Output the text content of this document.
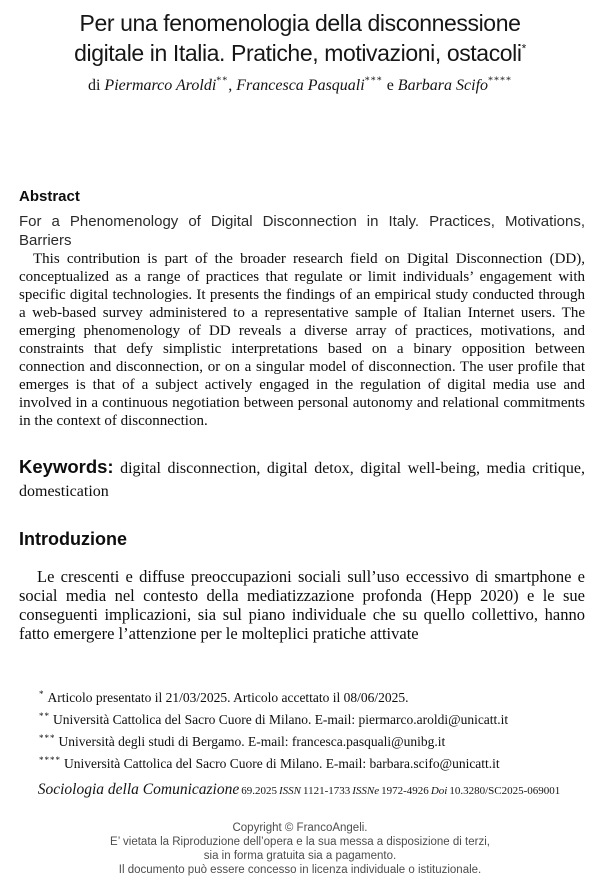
Per una fenomenologia della disconnessione
digitale in Italia. Pratiche, motivazioni, ostacoli*
di Piermarco Aroldi**, Francesca Pasquali*** e Barbara Scifo****
Abstract
For a Phenomenology of Digital Disconnection in Italy. Practices, Motivations, Barriers

This contribution is part of the broader research field on Digital Disconnection (DD), conceptualized as a range of practices that regulate or limit individuals’ engagement with specific digital technologies. It presents the findings of an empirical study conducted through a web-based survey administered to a representative sample of Italian Internet users. The emerging phenomenology of DD reveals a diverse array of practices, motivations, and constraints that defy simplistic interpretations based on a binary opposition between connection and disconnection, or on a singular model of disconnection. The user profile that emerges is that of a subject actively engaged in the regulation of digital media use and involved in a continuous negotiation between personal autonomy and relational commitments in the context of disconnection.

Keywords: digital disconnection, digital detox, digital well-being, media critique, domestication
Introduzione

Le crescenti e diffuse preoccupazioni sociali sull’uso eccessivo di smartphone e social media nel contesto della mediatizzazione profonda (Hepp 2020) e le sue conseguenti implicazioni, sia sul piano individuale che su quello collettivo, hanno fatto emergere l’attenzione per le molteplici pratiche attivate

* Articolo presentato il 21/03/2025. Articolo accettato il 08/06/2025.
** Università Cattolica del Sacro Cuore di Milano. E-mail: piermarco.aroldi@unicatt.it
*** Università degli studi di Bergamo. E-mail: francesca.pasquali@unibg.it
**** Università Cattolica del Sacro Cuore di Milano. E-mail: barbara.scifo@unicatt.it
Sociologia della Comunicazione 69.2025 ISSN 1121-1733 ISSNe 1972-4926 Doi 10.3280/SC2025-069001
Copyright © FrancoAngeli.
E’ vietata la Riproduzione dell’opera e la sua messa a disposizione di terzi,
sia in forma gratuita sia a pagamento.
Il documento può essere concesso in licenza individuale o istituzionale.
